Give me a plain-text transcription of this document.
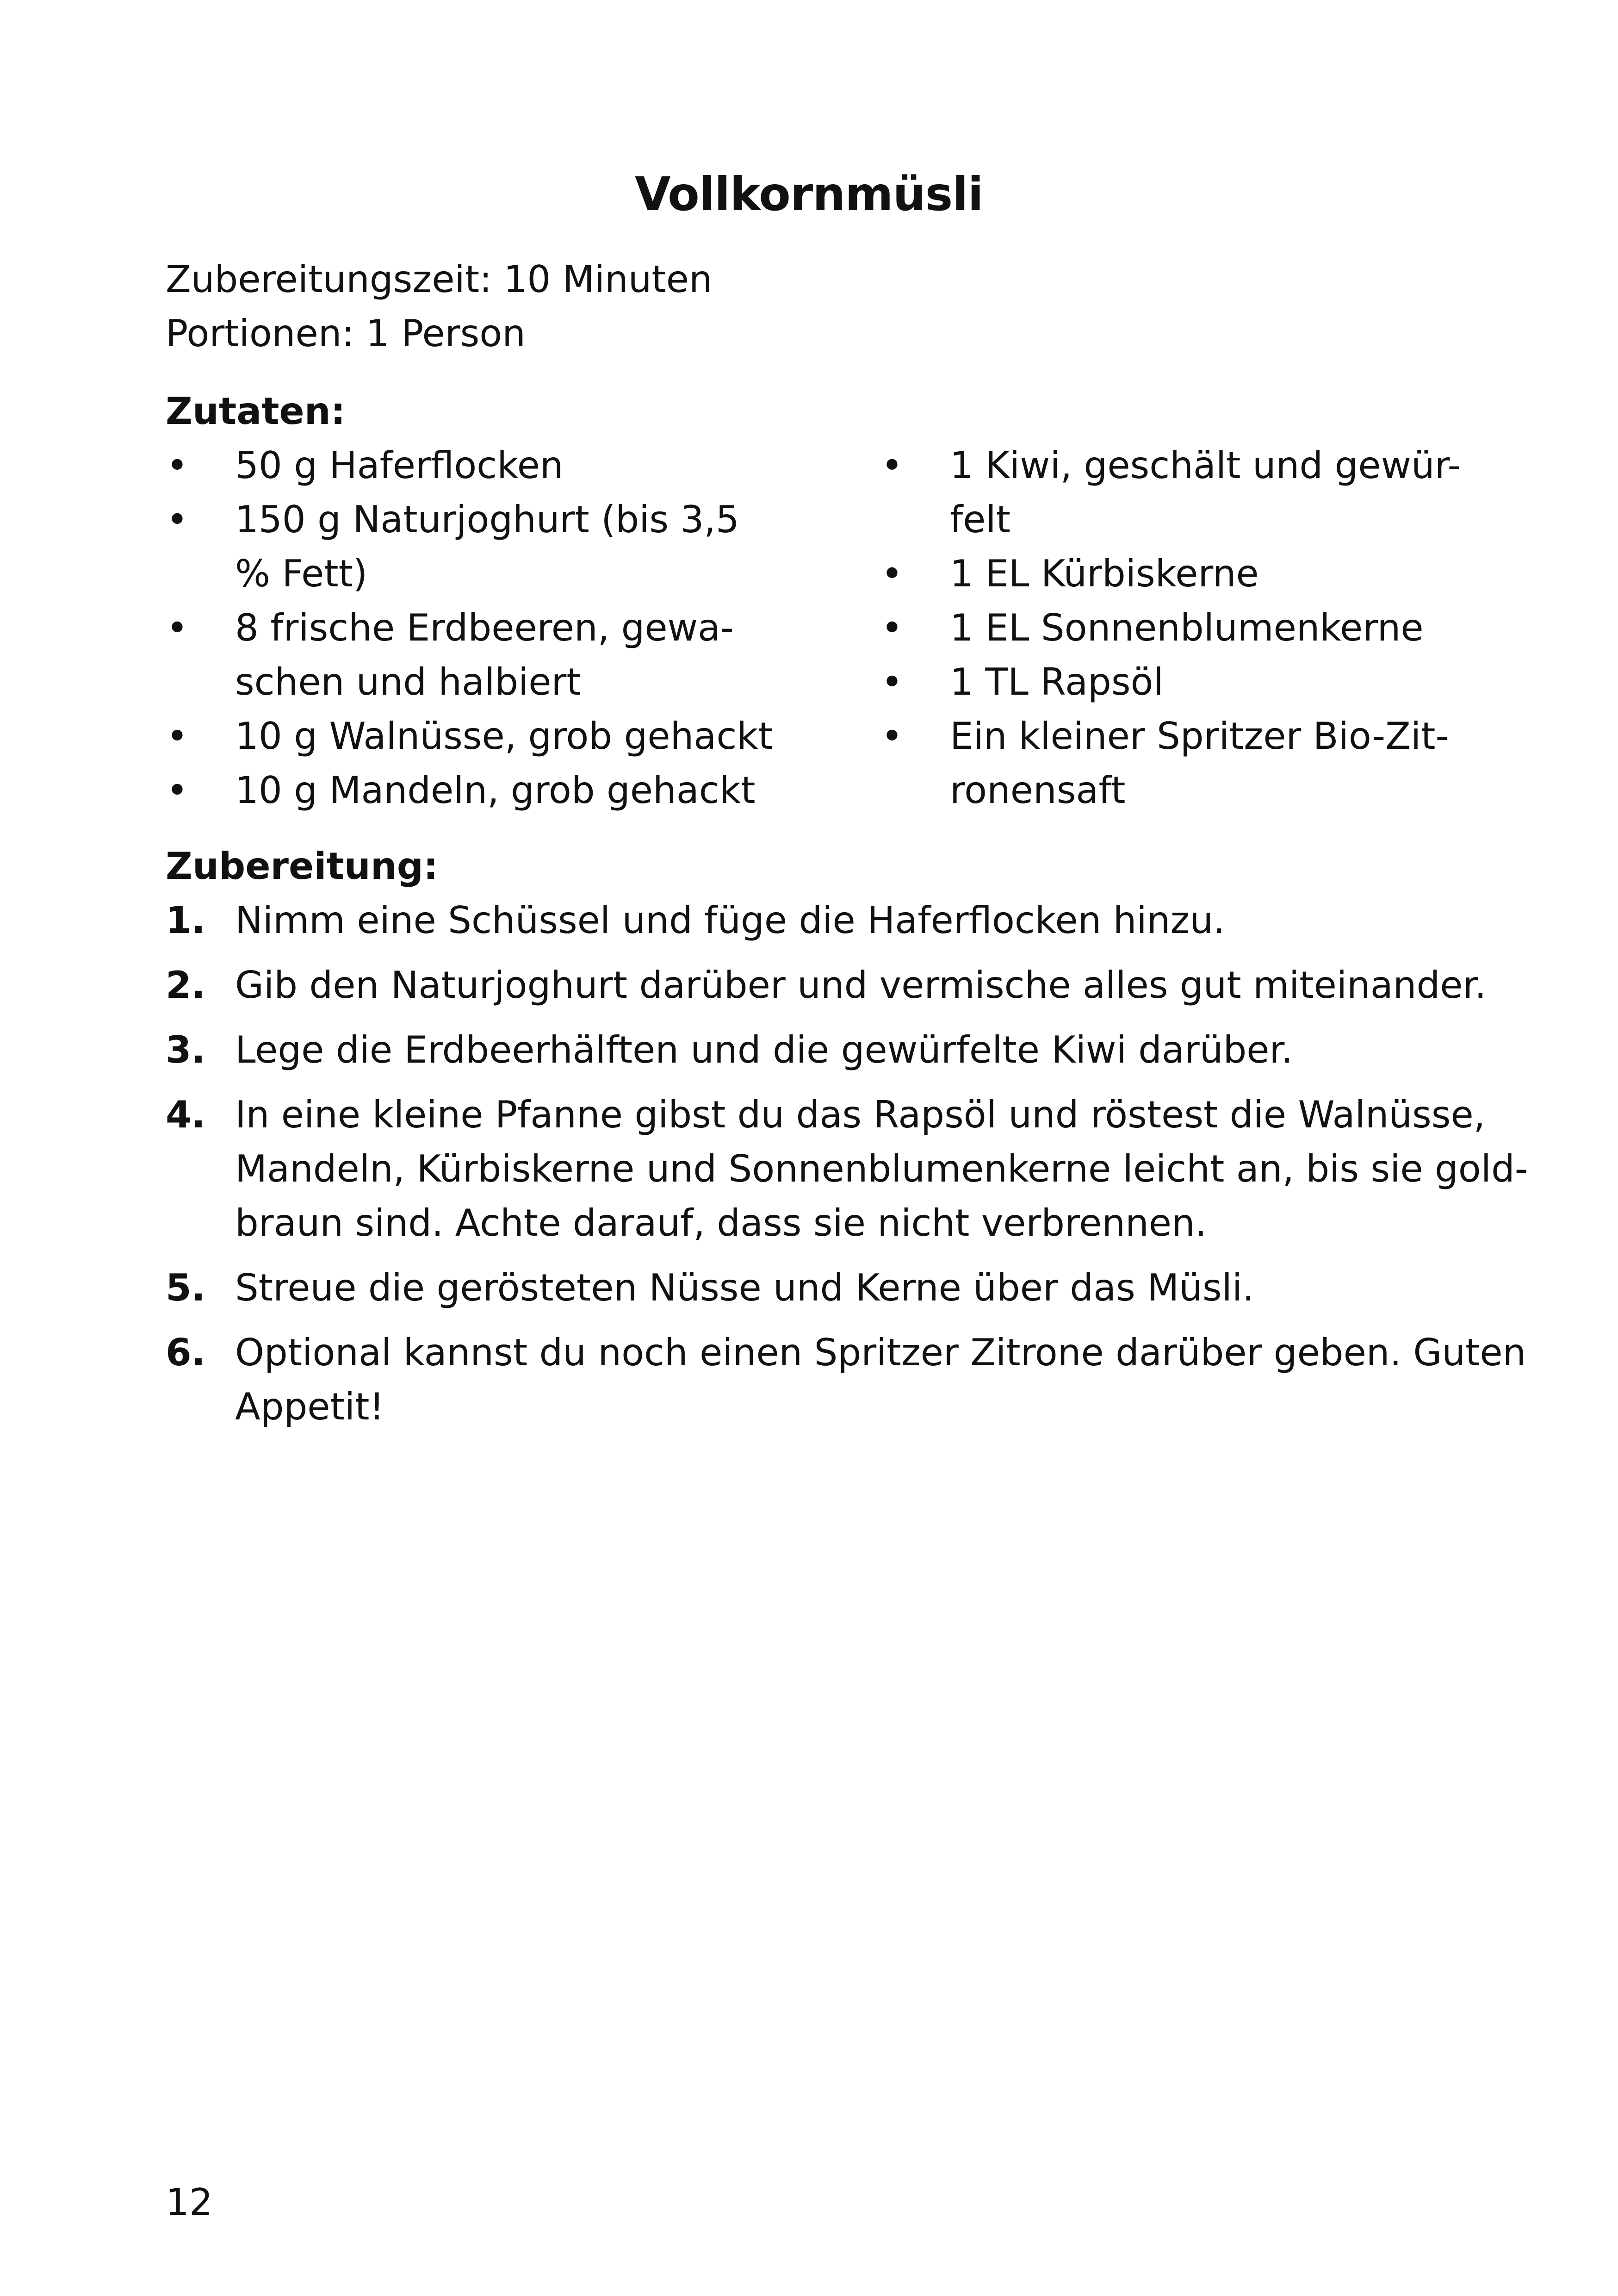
Vollkornmüsli
Zubereitungszeit: 10 Minuten
Portionen: 1 Person
Zutaten:
• 50 g Haferflocken
• 150 g Naturjoghurt (bis 3,5
% Fett)
• 8 frische Erdbeeren, gewa-
schen und halbiert
• 10 g Walnüsse, grob gehackt
• 10 g Mandeln, grob gehackt
• 1 Kiwi, geschält und gewür-
felt
• 1 EL Kürbiskerne
• 1 EL Sonnenblumenkerne
• 1 TL Rapsöl
• Ein kleiner Spritzer Bio-Zit-
ronensaft
Zubereitung:
1. Nimm eine Schüssel und füge die Haferflocken hinzu.
2. Gib den Naturjoghurt darüber und vermische alles gut miteinander.
3. Lege die Erdbeerhälften und die gewürfelte Kiwi darüber.
4. In eine kleine Pfanne gibst du das Rapsöl und röstest die Walnüsse,
Mandeln, Kürbiskerne und Sonnenblumenkerne leicht an, bis sie gold-
braun sind. Achte darauf, dass sie nicht verbrennen.
5. Streue die gerösteten Nüsse und Kerne über das Müsli.
6. Optional kannst du noch einen Spritzer Zitrone darüber geben. Guten
Appetit!
12
